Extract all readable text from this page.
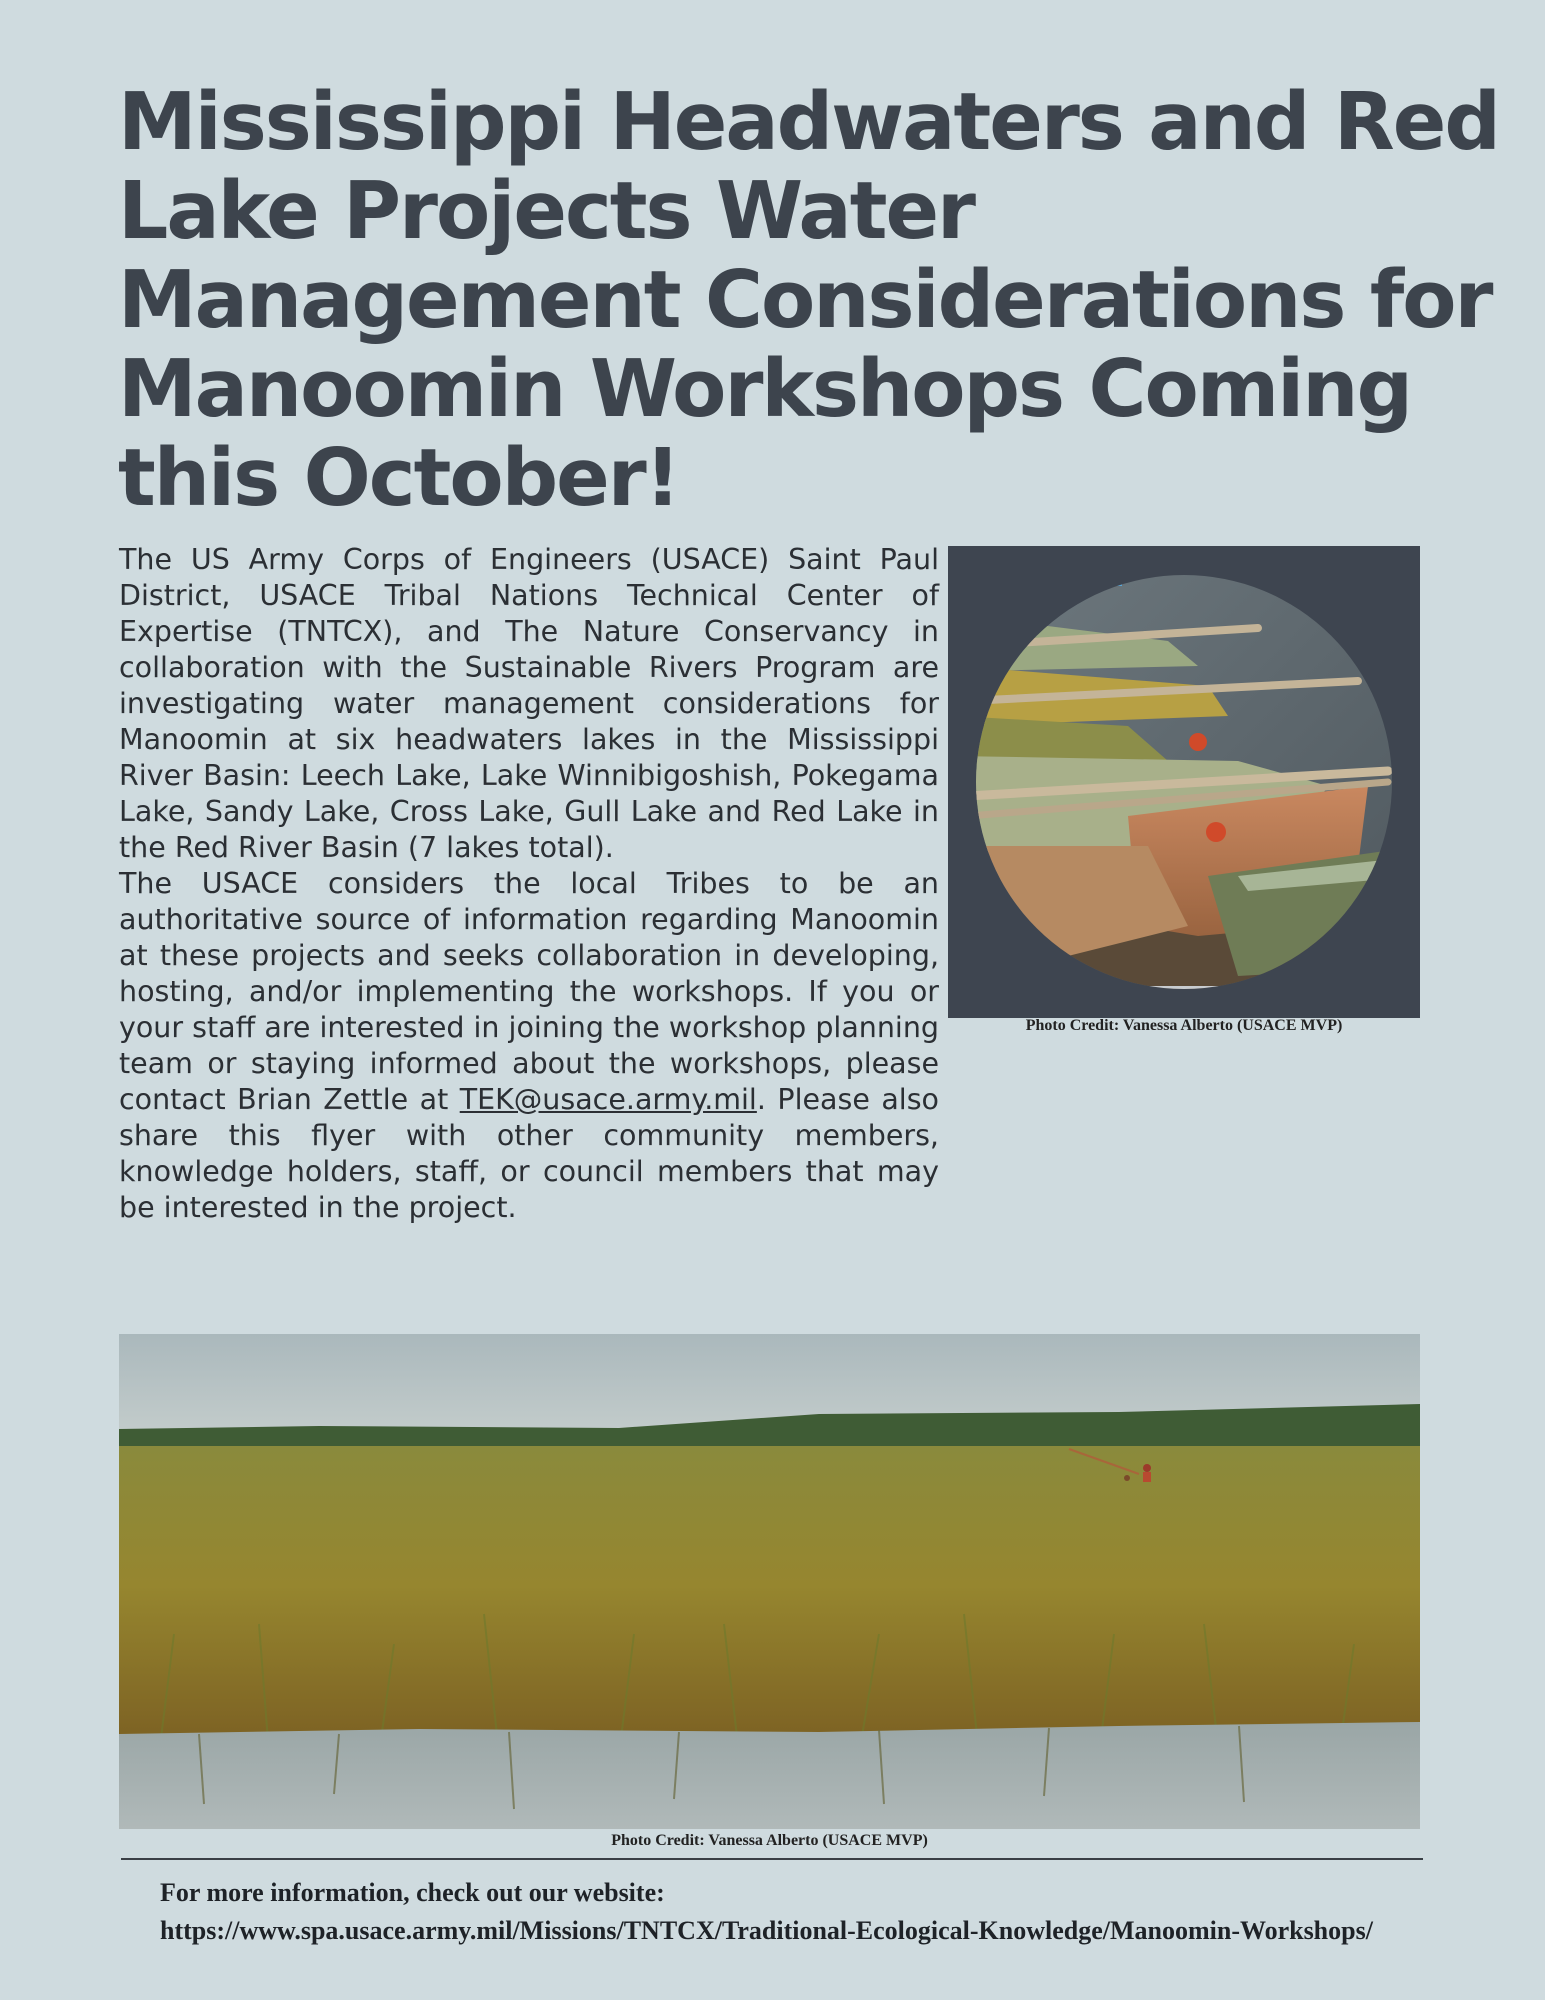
Mississippi Headwaters and Red Lake Projects Water Management Considerations for Manoomin Workshops Coming this October!

The US Army Corps of Engineers (USACE) Saint Paul District, USACE Tribal Nations Technical Center of Expertise (TNTCX), and The Nature Conservancy in collaboration with the Sustainable Rivers Program are investigating water management considerations for Manoomin at six headwaters lakes in the Mississippi River Basin: Leech Lake, Lake Winnibigoshish, Pokegama Lake, Sandy Lake, Cross Lake, Gull Lake and Red Lake in the Red River Basin (7 lakes total).

The USACE considers the local Tribes to be an authoritative source of information regarding Manoomin at these projects and seeks collaboration in developing, hosting, and/or implementing the workshops. If you or your staff are interested in joining the workshop planning team or staying informed about the workshops, please contact Brian Zettle at TEK@usace.army.mil. Please also share this flyer with other community members, knowledge holders, staff, or council members that may be interested in the project.

Photo Credit: Vanessa Alberto (USACE MVP)
Photo Credit: Vanessa Alberto (USACE MVP)
For more information, check out our website:
https://www.spa.usace.army.mil/Missions/TNTCX/Traditional-Ecological-Knowledge/Manoomin-Workshops/
